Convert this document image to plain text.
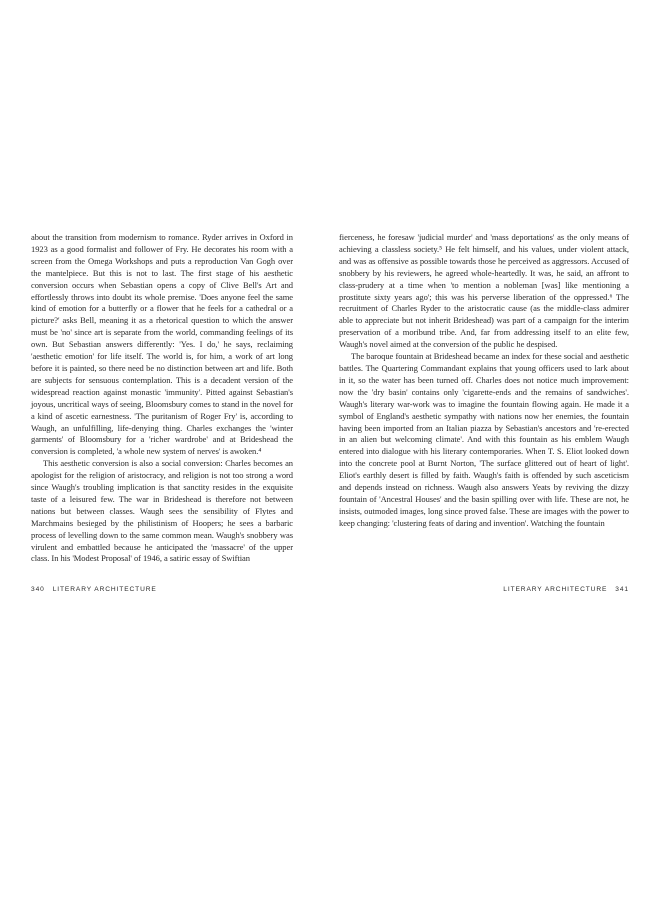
about the transition from modernism to romance. Ryder arrives in Oxford in 1923 as a good formalist and follower of Fry. He decorates his room with a screen from the Omega Workshops and puts a reproduction Van Gogh over the mantelpiece. But this is not to last. The first stage of his aesthetic conversion occurs when Sebastian opens a copy of Clive Bell's Art and effortlessly throws into doubt its whole premise. 'Does anyone feel the same kind of emotion for a butterfly or a flower that he feels for a cathedral or a picture?' asks Bell, meaning it as a rhetorical question to which the answer must be 'no' since art is separate from the world, commanding feelings of its own. But Sebastian answers differently: 'Yes. I do,' he says, reclaiming 'aesthetic emotion' for life itself. The world is, for him, a work of art long before it is painted, so there need be no distinction between art and life. Both are subjects for sensuous contemplation. This is a decadent version of the widespread reaction against monastic 'immunity'. Pitted against Sebastian's joyous, uncritical ways of seeing, Bloomsbury comes to stand in the novel for a kind of ascetic earnestness. 'The puritanism of Roger Fry' is, according to Waugh, an unfulfilling, life-denying thing. Charles exchanges the 'winter garments' of Bloomsbury for a 'richer wardrobe' and at Brideshead the conversion is completed, 'a whole new system of nerves' is awoken.⁴

This aesthetic conversion is also a social conversion: Charles becomes an apologist for the religion of aristocracy, and religion is not too strong a word since Waugh's troubling implication is that sanctity resides in the exquisite taste of a leisured few. The war in Brideshead is therefore not between nations but between classes. Waugh sees the sensibility of Flytes and Marchmains besieged by the philistinism of Hoopers; he sees a barbaric process of levelling down to the same common mean. Waugh's snobbery was virulent and embattled because he anticipated the 'massacre' of the upper class. In his 'Modest Proposal' of 1946, a satiric essay of Swiftian

fierceness, he foresaw 'judicial murder' and 'mass deportations' as the only means of achieving a classless society.⁵ He felt himself, and his values, under violent attack, and was as offensive as possible towards those he perceived as aggressors. Accused of snobbery by his reviewers, he agreed whole-heartedly. It was, he said, an affront to class-prudery at a time when 'to mention a nobleman [was] like mentioning a prostitute sixty years ago'; this was his perverse liberation of the oppressed.⁶ The recruitment of Charles Ryder to the aristocratic cause (as the middle-class admirer able to appreciate but not inherit Brideshead) was part of a campaign for the interim preservation of a moribund tribe. And, far from addressing itself to an elite few, Waugh's novel aimed at the conversion of the public he despised.

The baroque fountain at Brideshead became an index for these social and aesthetic battles. The Quartering Commandant explains that young officers used to lark about in it, so the water has been turned off. Charles does not notice much improvement: now the 'dry basin' contains only 'cigarette-ends and the remains of sandwiches'. Waugh's literary war-work was to imagine the fountain flowing again. He made it a symbol of England's aesthetic sympathy with nations now her enemies, the fountain having been imported from an Italian piazza by Sebastian's ancestors and 're-erected in an alien but welcoming climate'. And with this fountain as his emblem Waugh entered into dialogue with his literary contemporaries. When T. S. Eliot looked down into the concrete pool at Burnt Norton, 'The surface glittered out of heart of light'. Eliot's earthly desert is filled by faith. Waugh's faith is offended by such asceticism and depends instead on richness. Waugh also answers Yeats by reviving the dizzy fountain of 'Ancestral Houses' and the basin spilling over with life. These are not, he insists, outmoded images, long since proved false. These are images with the power to keep changing: 'clustering feats of daring and invention'. Watching the fountain

340 LITERARY ARCHITECTURE	LITERARY ARCHITECTURE 341
